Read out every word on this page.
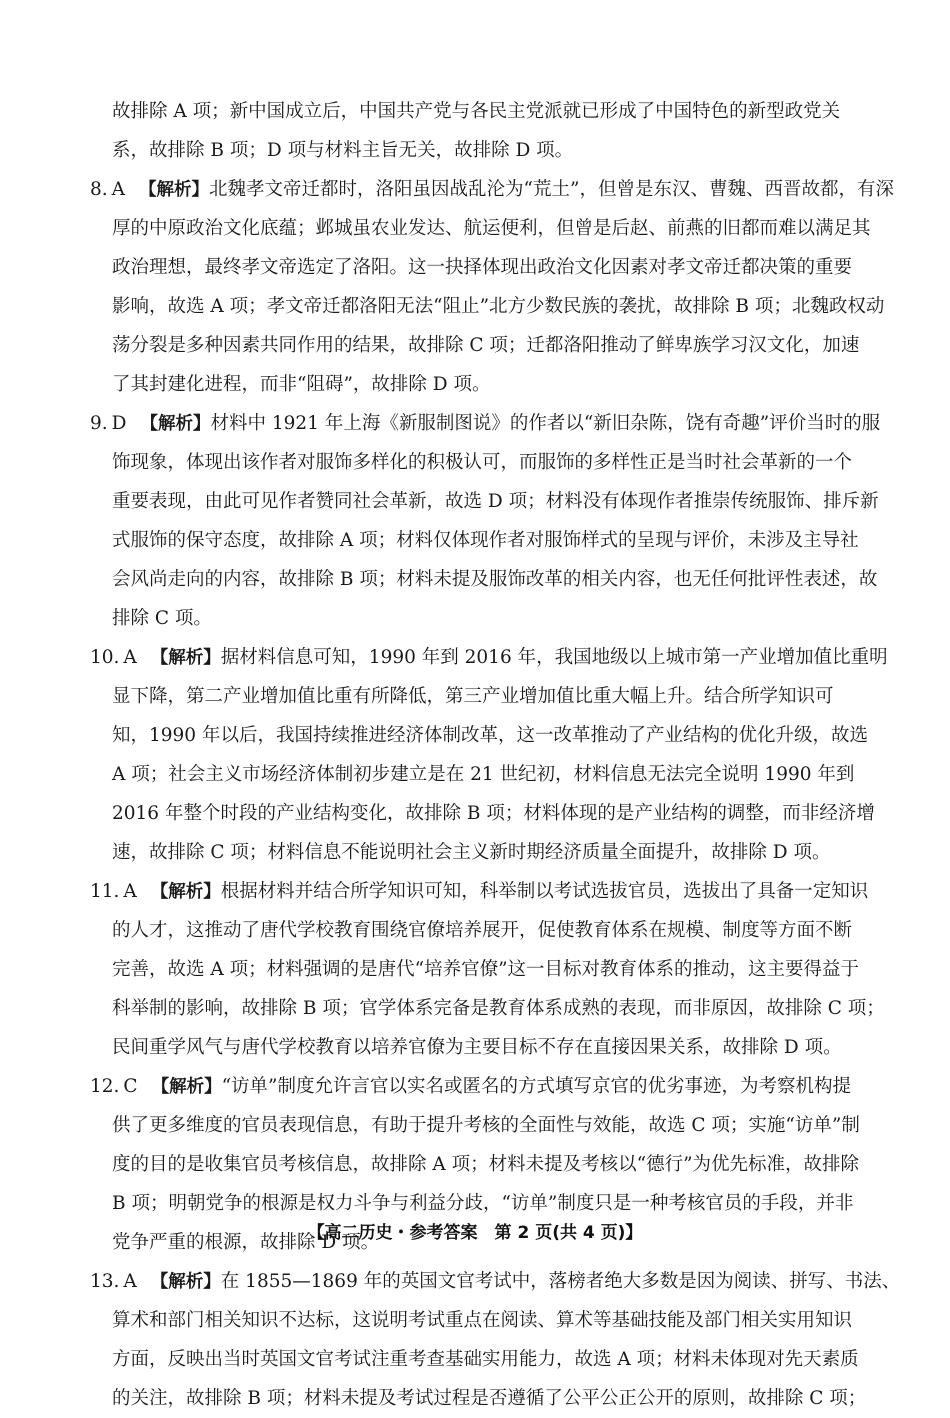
故排除 A 项；新中国成立后，中国共产党与各民主党派就已形成了中国特色的新型政党关
系，故排除 B 项；D 项与材料主旨无关，故排除 D 项。
8. A 【解析】北魏孝文帝迁都时，洛阳虽因战乱沦为“荒土”，但曾是东汉、曹魏、西晋故都，有深
厚的中原政治文化底蕴；邺城虽农业发达、航运便利，但曾是后赵、前燕的旧都而难以满足其
政治理想，最终孝文帝选定了洛阳。这一抉择体现出政治文化因素对孝文帝迁都决策的重要
影响，故选 A 项；孝文帝迁都洛阳无法“阻止”北方少数民族的袭扰，故排除 B 项；北魏政权动
荡分裂是多种因素共同作用的结果，故排除 C 项；迁都洛阳推动了鲜卑族学习汉文化，加速
了其封建化进程，而非“阻碍”，故排除 D 项。
9. D 【解析】材料中 1921 年上海《新服制图说》的作者以“新旧杂陈，饶有奇趣”评价当时的服
饰现象，体现出该作者对服饰多样化的积极认可，而服饰的多样性正是当时社会革新的一个
重要表现，由此可见作者赞同社会革新，故选 D 项；材料没有体现作者推崇传统服饰、排斥新
式服饰的保守态度，故排除 A 项；材料仅体现作者对服饰样式的呈现与评价，未涉及主导社
会风尚走向的内容，故排除 B 项；材料未提及服饰改革的相关内容，也无任何批评性表述，故
排除 C 项。
10. A 【解析】据材料信息可知，1990 年到 2016 年，我国地级以上城市第一产业增加值比重明
显下降，第二产业增加值比重有所降低，第三产业增加值比重大幅上升。结合所学知识可
知，1990 年以后，我国持续推进经济体制改革，这一改革推动了产业结构的优化升级，故选
A 项；社会主义市场经济体制初步建立是在 21 世纪初，材料信息无法完全说明 1990 年到
2016 年整个时段的产业结构变化，故排除 B 项；材料体现的是产业结构的调整，而非经济增
速，故排除 C 项；材料信息不能说明社会主义新时期经济质量全面提升，故排除 D 项。
11. A 【解析】根据材料并结合所学知识可知，科举制以考试选拔官员，选拔出了具备一定知识
的人才，这推动了唐代学校教育围绕官僚培养展开，促使教育体系在规模、制度等方面不断
完善，故选 A 项；材料强调的是唐代“培养官僚”这一目标对教育体系的推动，这主要得益于
科举制的影响，故排除 B 项；官学体系完备是教育体系成熟的表现，而非原因，故排除 C 项；
民间重学风气与唐代学校教育以培养官僚为主要目标不存在直接因果关系，故排除 D 项。
12. C 【解析】“访单”制度允许言官以实名或匿名的方式填写京官的优劣事迹，为考察机构提
供了更多维度的官员表现信息，有助于提升考核的全面性与效能，故选 C 项；实施“访单”制
度的目的是收集官员考核信息，故排除 A 项；材料未提及考核以“德行”为优先标准，故排除
B 项；明朝党争的根源是权力斗争与利益分歧，“访单”制度只是一种考核官员的手段，并非
党争严重的根源，故排除 D 项。
13. A 【解析】在 1855—1869 年的英国文官考试中，落榜者绝大多数是因为阅读、拼写、书法、
算术和部门相关知识不达标，这说明考试重点在阅读、算术等基础技能及部门相关实用知识
方面，反映出当时英国文官考试注重考查基础实用能力，故选 A 项；材料未体现对先天素质
的关注，故排除 B 项；材料未提及考试过程是否遵循了公平公正公开的原则，故排除 C 项；
【高二历史・参考答案　第 2 页(共 4 页)】
